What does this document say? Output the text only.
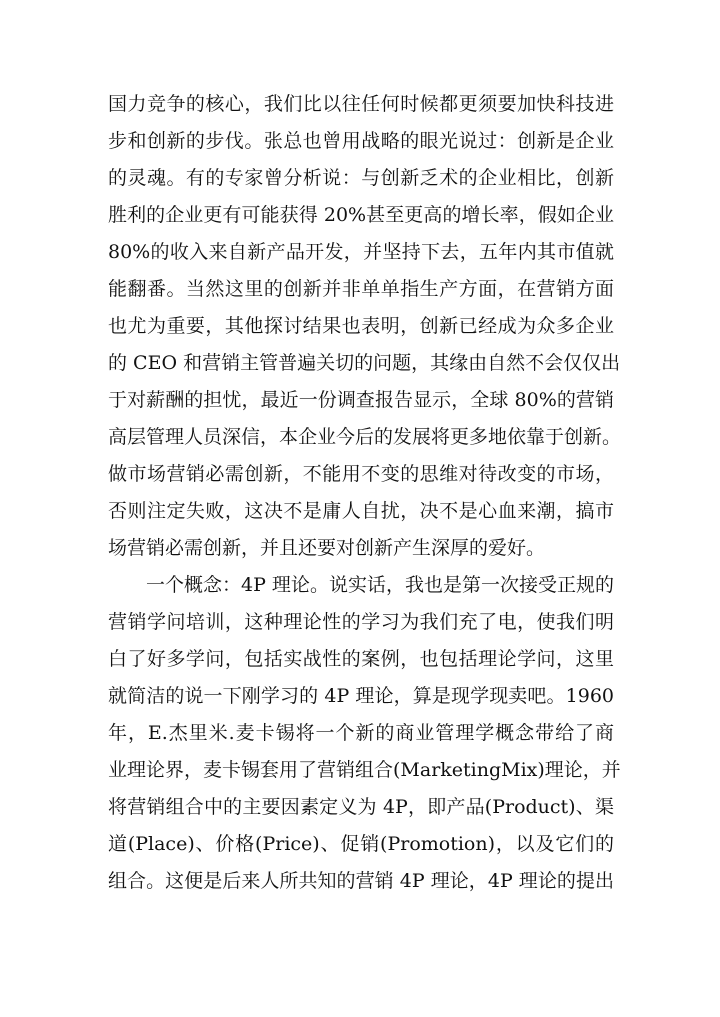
国力竞争的核心，我们比以往任何时候都更须要加快科技进
步和创新的步伐。张总也曾用战略的眼光说过：创新是企业
的灵魂。有的专家曾分析说：与创新乏术的企业相比，创新
胜利的企业更有可能获得 20%甚至更高的增长率，假如企业
80%的收入来自新产品开发，并坚持下去，五年内其市值就
能翻番。当然这里的创新并非单单指生产方面，在营销方面
也尤为重要，其他探讨结果也表明，创新已经成为众多企业
的 CEO 和营销主管普遍关切的问题，其缘由自然不会仅仅出
于对薪酬的担忧，最近一份调查报告显示，全球 80%的营销
高层管理人员深信，本企业今后的发展将更多地依靠于创新。
做市场营销必需创新，不能用不变的思维对待改变的市场，
否则注定失败，这决不是庸人自扰，决不是心血来潮，搞市
场营销必需创新，并且还要对创新产生深厚的爱好。
一个概念：4P 理论。说实话，我也是第一次接受正规的
营销学问培训，这种理论性的学习为我们充了电，使我们明
白了好多学问，包括实战性的案例，也包括理论学问，这里
就简洁的说一下刚学习的 4P 理论，算是现学现卖吧。1960
年，E.杰里米.麦卡锡将一个新的商业管理学概念带给了商
业理论界，麦卡锡套用了营销组合(MarketingMix)理论，并
将营销组合中的主要因素定义为 4P，即产品(Product)、渠
道(Place)、价格(Price)、促销(Promotion)，以及它们的
组合。这便是后来人所共知的营销 4P 理论，4P 理论的提出
